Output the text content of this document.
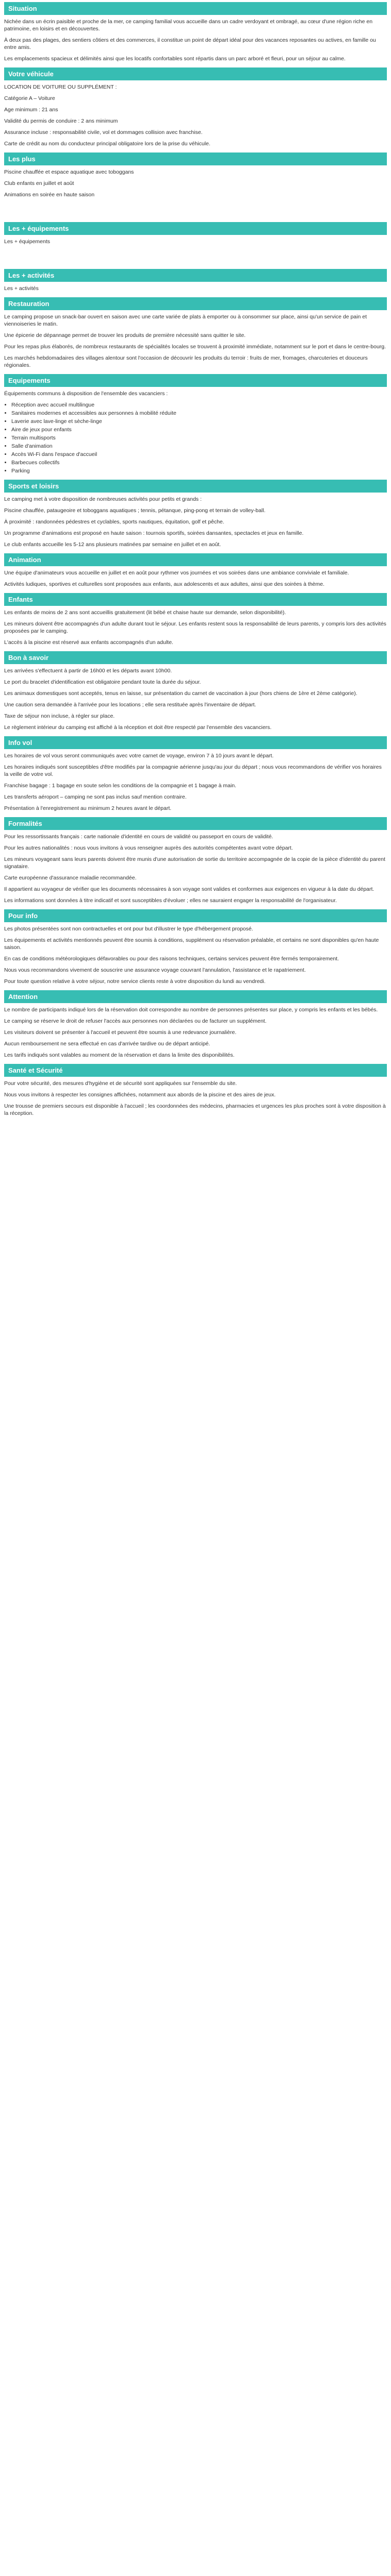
Situation

Nichée dans un écrin paisible et proche de la mer, ce camping familial vous accueille dans un cadre verdoyant et ombragé, au cœur d'une région riche en patrimoine, en loisirs et en découvertes.

À deux pas des plages, des sentiers côtiers et des commerces, il constitue un point de départ idéal pour des vacances reposantes ou actives, en famille ou entre amis.

Les emplacements spacieux et délimités ainsi que les locatifs confortables sont répartis dans un parc arboré et fleuri, pour un séjour au calme.

Votre véhicule

LOCATION DE VOITURE OU SUPPLÉMENT :

Catégorie A – Voiture

Age minimum : 21 ans

Validité du permis de conduire : 2 ans minimum

Assurance incluse : responsabilité civile, vol et dommages collision avec franchise.

Carte de crédit au nom du conducteur principal obligatoire lors de la prise du véhicule.

Les plus

Piscine chauffée et espace aquatique avec toboggans

Club enfants en juillet et août

Animations en soirée en haute saison

Les + équipements

Les + équipements

Les + activités

Les + activités

Restauration

Le camping propose un snack-bar ouvert en saison avec une carte variée de plats à emporter ou à consommer sur place, ainsi qu'un service de pain et viennoiseries le matin.

Une épicerie de dépannage permet de trouver les produits de première nécessité sans quitter le site.

Pour les repas plus élaborés, de nombreux restaurants de spécialités locales se trouvent à proximité immédiate, notamment sur le port et dans le centre-bourg.

Les marchés hebdomadaires des villages alentour sont l'occasion de découvrir les produits du terroir : fruits de mer, fromages, charcuteries et douceurs régionales.

Equipements

Équipements communs à disposition de l'ensemble des vacanciers :

• Réception avec accueil multilingue
• Sanitaires modernes et accessibles aux personnes à mobilité réduite
• Laverie avec lave-linge et sèche-linge
• Aire de jeux pour enfants
• Terrain multisports
• Salle d'animation
• Accès Wi-Fi dans l'espace d'accueil
• Barbecues collectifs
• Parking
Sports et loisirs

Le camping met à votre disposition de nombreuses activités pour petits et grands :

Piscine chauffée, pataugeoire et toboggans aquatiques ; tennis, pétanque, ping-pong et terrain de volley-ball.

À proximité : randonnées pédestres et cyclables, sports nautiques, équitation, golf et pêche.

Un programme d'animations est proposé en haute saison : tournois sportifs, soirées dansantes, spectacles et jeux en famille.

Le club enfants accueille les 5-12 ans plusieurs matinées par semaine en juillet et en août.

Animation

Une équipe d'animateurs vous accueille en juillet et en août pour rythmer vos journées et vos soirées dans une ambiance conviviale et familiale.

Activités ludiques, sportives et culturelles sont proposées aux enfants, aux adolescents et aux adultes, ainsi que des soirées à thème.

Enfants

Les enfants de moins de 2 ans sont accueillis gratuitement (lit bébé et chaise haute sur demande, selon disponibilité).

Les mineurs doivent être accompagnés d'un adulte durant tout le séjour. Les enfants restent sous la responsabilité de leurs parents, y compris lors des activités proposées par le camping.

L'accès à la piscine est réservé aux enfants accompagnés d'un adulte.

Bon à savoir

Les arrivées s'effectuent à partir de 16h00 et les départs avant 10h00.

Le port du bracelet d'identification est obligatoire pendant toute la durée du séjour.

Les animaux domestiques sont acceptés, tenus en laisse, sur présentation du carnet de vaccination à jour (hors chiens de 1ère et 2ème catégorie).

Une caution sera demandée à l'arrivée pour les locations ; elle sera restituée après l'inventaire de départ.

Taxe de séjour non incluse, à régler sur place.

Le règlement intérieur du camping est affiché à la réception et doit être respecté par l'ensemble des vacanciers.

Info vol

Les horaires de vol vous seront communiqués avec votre carnet de voyage, environ 7 à 10 jours avant le départ.

Les horaires indiqués sont susceptibles d'être modifiés par la compagnie aérienne jusqu'au jour du départ ; nous vous recommandons de vérifier vos horaires la veille de votre vol.

Franchise bagage : 1 bagage en soute selon les conditions de la compagnie et 1 bagage à main.

Les transferts aéroport – camping ne sont pas inclus sauf mention contraire.

Présentation à l'enregistrement au minimum 2 heures avant le départ.

Formalités

Pour les ressortissants français : carte nationale d'identité en cours de validité ou passeport en cours de validité.

Pour les autres nationalités : nous vous invitons à vous renseigner auprès des autorités compétentes avant votre départ.

Les mineurs voyageant sans leurs parents doivent être munis d'une autorisation de sortie du territoire accompagnée de la copie de la pièce d'identité du parent signataire.

Carte européenne d'assurance maladie recommandée.

Il appartient au voyageur de vérifier que les documents nécessaires à son voyage sont valides et conformes aux exigences en vigueur à la date du départ.

Les informations sont données à titre indicatif et sont susceptibles d'évoluer ; elles ne sauraient engager la responsabilité de l'organisateur.

Pour info

Les photos présentées sont non contractuelles et ont pour but d'illustrer le type d'hébergement proposé.

Les équipements et activités mentionnés peuvent être soumis à conditions, supplément ou réservation préalable, et certains ne sont disponibles qu'en haute saison.

En cas de conditions météorologiques défavorables ou pour des raisons techniques, certains services peuvent être fermés temporairement.

Nous vous recommandons vivement de souscrire une assurance voyage couvrant l'annulation, l'assistance et le rapatriement.

Pour toute question relative à votre séjour, notre service clients reste à votre disposition du lundi au vendredi.

Attention

Le nombre de participants indiqué lors de la réservation doit correspondre au nombre de personnes présentes sur place, y compris les enfants et les bébés.

Le camping se réserve le droit de refuser l'accès aux personnes non déclarées ou de facturer un supplément.

Les visiteurs doivent se présenter à l'accueil et peuvent être soumis à une redevance journalière.

Aucun remboursement ne sera effectué en cas d'arrivée tardive ou de départ anticipé.

Les tarifs indiqués sont valables au moment de la réservation et dans la limite des disponibilités.

Santé et Sécurité

Pour votre sécurité, des mesures d'hygiène et de sécurité sont appliquées sur l'ensemble du site.

Nous vous invitons à respecter les consignes affichées, notamment aux abords de la piscine et des aires de jeux.

Une trousse de premiers secours est disponible à l'accueil ; les coordonnées des médecins, pharmacies et urgences les plus proches sont à votre disposition à la réception.
